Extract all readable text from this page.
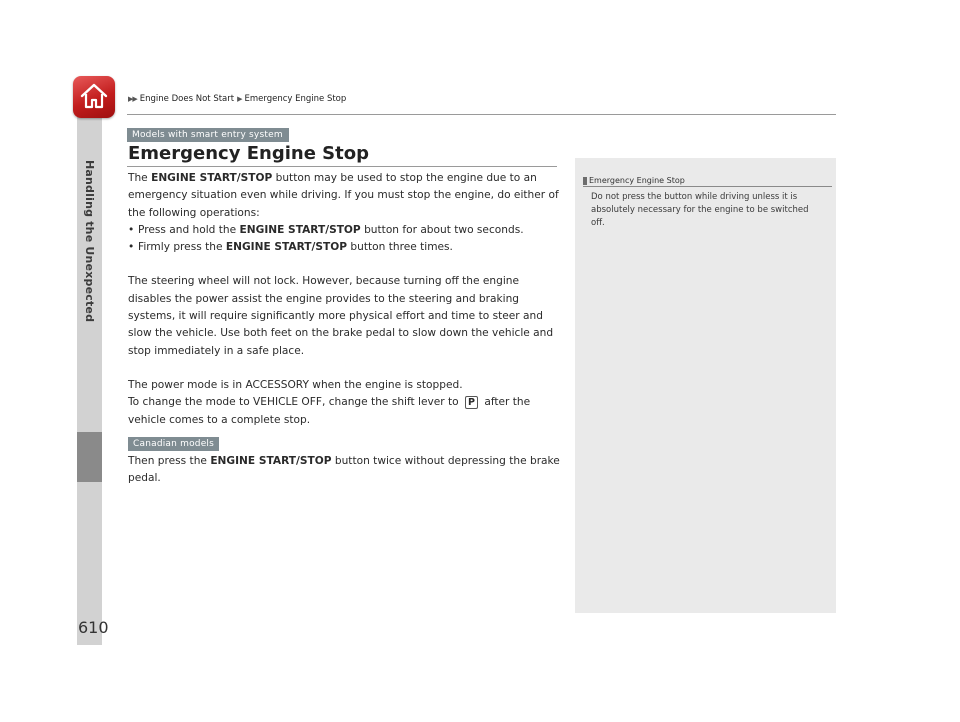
Handling the Unexpected
▶▶ Engine Does Not Start ▶ Emergency Engine Stop
Models with smart entry system
Emergency Engine Stop

The ENGINE START/STOP button may be used to stop the engine due to an emergency situation even while driving. If you must stop the engine, do either of the following operations:

• Press and hold the ENGINE START/STOP button for about two seconds.
• Firmly press the ENGINE START/STOP button three times.

The steering wheel will not lock. However, because turning off the engine disables the power assist the engine provides to the steering and braking systems, it will require significantly more physical effort and time to steer and slow the vehicle. Use both feet on the brake pedal to slow down the vehicle and stop immediately in a safe place.

The power mode is in ACCESSORY when the engine is stopped.

To change the mode to VEHICLE OFF, change the shift lever to P after the vehicle comes to a complete stop.

Canadian models

Then press the ENGINE START/STOP button twice without depressing the brake pedal.

Emergency Engine Stop
Do not press the button while driving unless it is absolutely necessary for the engine to be switched off.
610
